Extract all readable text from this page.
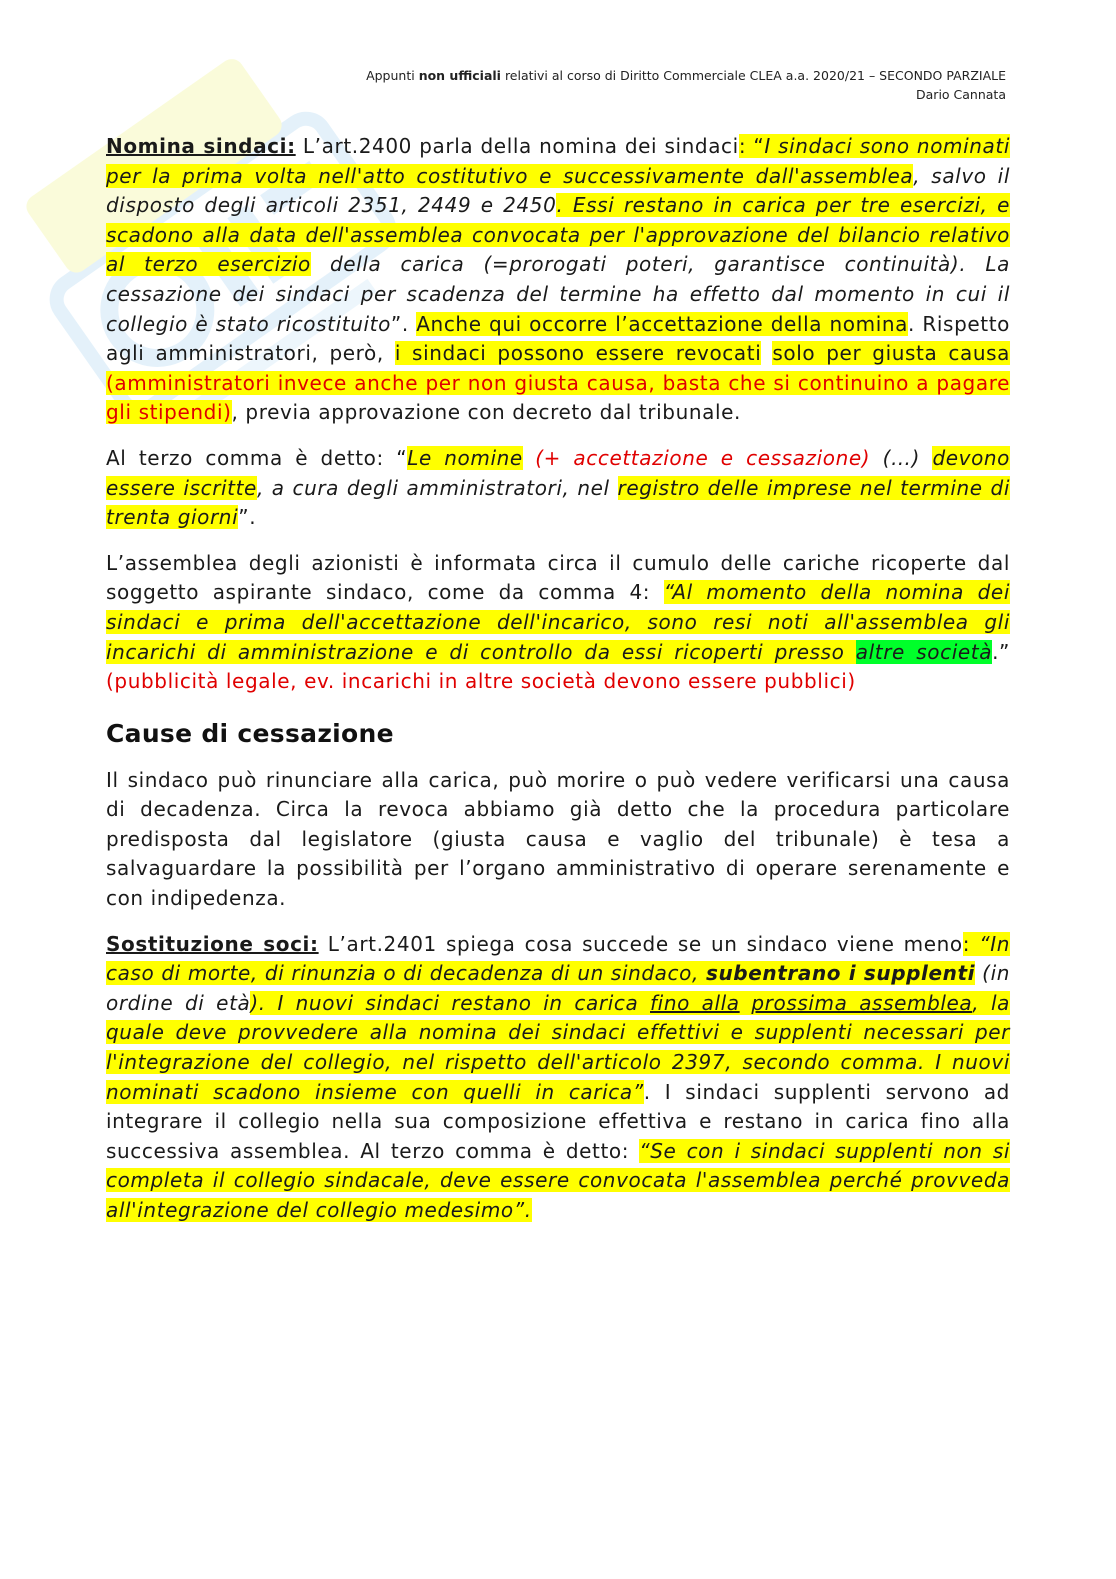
Appunti non ufficiali relativi al corso di Diritto Commerciale CLEA a.a. 2020/21 – SECONDO PARZIALE
Dario Cannata

Nomina sindaci: L’art.2400 parla della nomina dei sindaci: “I sindaci sono nominati per la prima volta nell'atto costitutivo e successivamente dall'assemblea, salvo il disposto degli articoli 2351, 2449 e 2450. Essi restano in carica per tre esercizi, e scadono alla data dell'assemblea convocata per l'approvazione del bilancio relativo al terzo esercizio della carica (=prorogati poteri, garantisce continuità). La cessazione dei sindaci per scadenza del termine ha effetto dal momento in cui il collegio è stato ricostituito”. Anche qui occorre l’accettazione della nomina. Rispetto agli amministratori, però, i sindaci possono essere revocati solo per giusta causa (amministratori invece anche per non giusta causa, basta che si continuino a pagare gli stipendi), previa approvazione con decreto dal tribunale.

Al terzo comma è detto: “Le nomine (+ accettazione e cessazione) (…) devono essere iscritte, a cura degli amministratori, nel registro delle imprese nel termine di trenta giorni”.

L’assemblea degli azionisti è informata circa il cumulo delle cariche ricoperte dal soggetto aspirante sindaco, come da comma 4: “Al momento della nomina dei sindaci e prima dell'accettazione dell'incarico, sono resi noti all'assemblea gli incarichi di amministrazione e di controllo da essi ricoperti presso altre società.” (pubblicità legale, ev. incarichi in altre società devono essere pubblici)

Cause di cessazione

Il sindaco può rinunciare alla carica, può morire o può vedere verificarsi una causa di decadenza. Circa la revoca abbiamo già detto che la procedura particolare predisposta dal legislatore (giusta causa e vaglio del tribunale) è tesa a salvaguardare la possibilità per l’organo amministrativo di operare serenamente e con indipedenza.

Sostituzione soci: L’art.2401 spiega cosa succede se un sindaco viene meno: “In caso di morte, di rinunzia o di decadenza di un sindaco, subentrano i supplenti (in ordine di età). I nuovi sindaci restano in carica fino alla prossima assemblea, la quale deve provvedere alla nomina dei sindaci effettivi e supplenti necessari per l'integrazione del collegio, nel rispetto dell'articolo 2397, secondo comma. I nuovi nominati scadono insieme con quelli in carica”. I sindaci supplenti servono ad integrare il collegio nella sua composizione effettiva e restano in carica fino alla successiva assemblea. Al terzo comma è detto: “Se con i sindaci supplenti non si completa il collegio sindacale, deve essere convocata l'assemblea perché provveda all'integrazione del collegio medesimo”.
